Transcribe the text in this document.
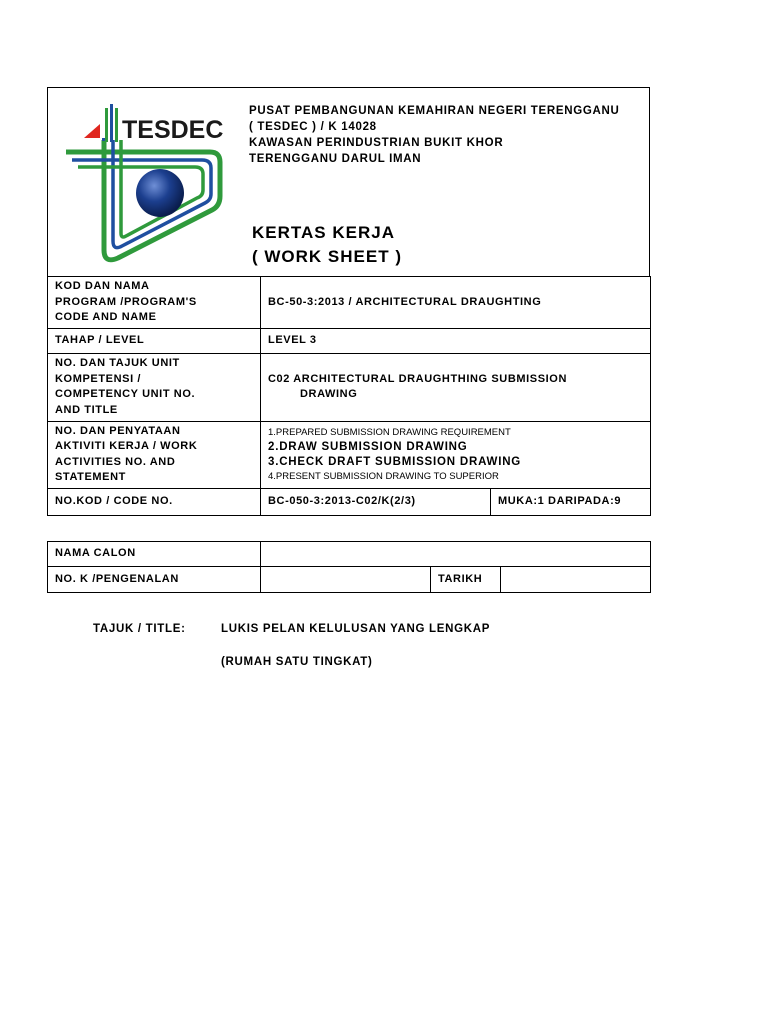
TESDEC
PUSAT PEMBANGUNAN KEMAHIRAN NEGERI TERENGGANU
( TESDEC ) / K 14028
KAWASAN PERINDUSTRIAN BUKIT KHOR
TERENGGANU DARUL IMAN
KERTAS KERJA
( WORK SHEET )
KOD DAN NAMA
PROGRAM /PROGRAM'S
CODE AND NAME	BC-50-3:2013 / ARCHITECTURAL DRAUGHTING	
TAHAP / LEVEL	LEVEL 3	

NO. DAN TAJUK UNIT
KOMPETENSI /
COMPETENCY UNIT NO.
AND TITLE	C02 ARCHITECTURAL DRAUGHTHING SUBMISSION
DRAWING	

NO. DAN PENYATAAN
AKTIVITI KERJA / WORK
ACTIVITIES NO. AND
STATEMENT	1.PREPARED SUBMISSION DRAWING REQUIREMENT
2.DRAW SUBMISSION DRAWING
3.CHECK DRAFT SUBMISSION DRAWING
4.PRESENT SUBMISSION DRAWING TO SUPERIOR	

NO.KOD / CODE NO.	BC-050-3:2013-C02/K(2/3)	MUKA:1 DARIPADA:9
NAMA CALON			
NO. K /PENGENALAN		TARIKH	
TAJUK / TITLE:	LUKIS PELAN KELULUSAN YANG LENGKAP
(RUMAH SATU TINGKAT)
